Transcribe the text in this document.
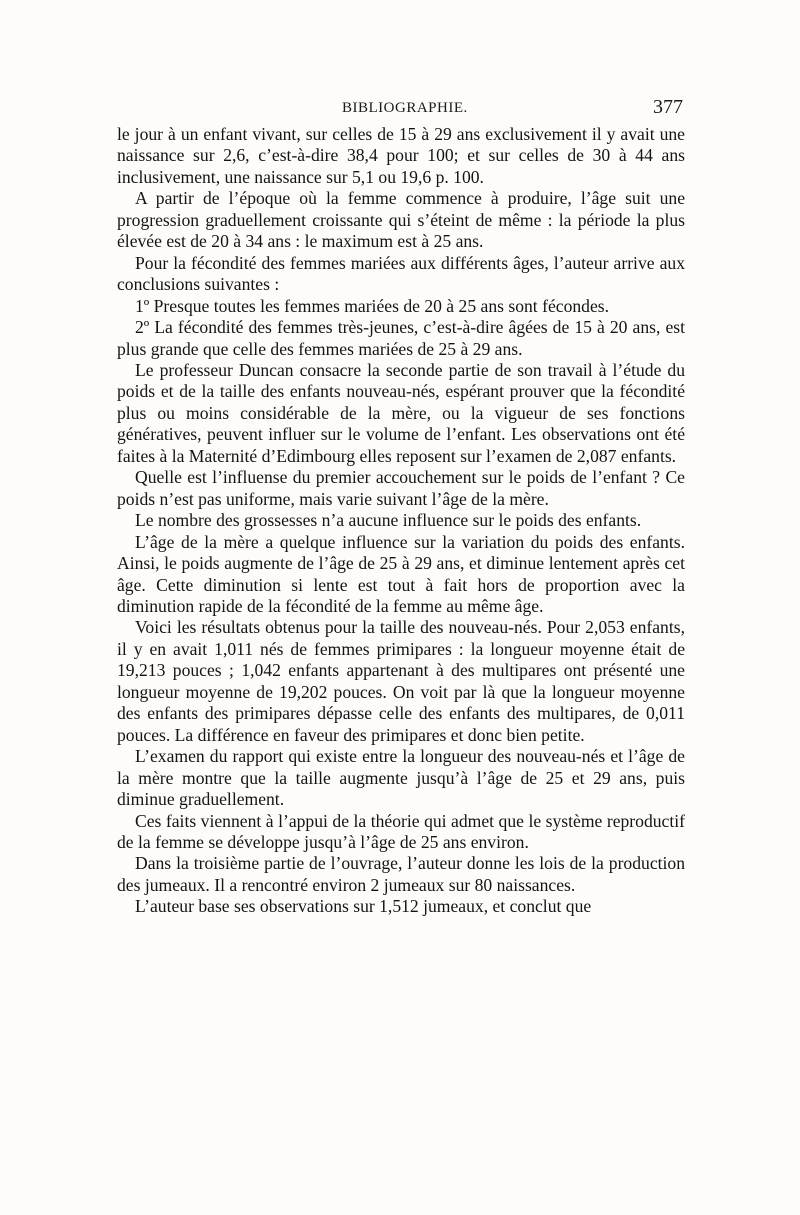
BIBLIOGRAPHIE.	377

le jour à un enfant vivant, sur celles de 15 à 29 ans exclusivement il y avait une naissance sur 2,6, c’est-à-dire 38,4 pour 100; et sur celles de 30 à 44 ans inclusivement, une naissance sur 5,1 ou 19,6 p. 100.

A partir de l’époque où la femme commence à produire, l’âge suit une progression graduellement croissante qui s’éteint de même : la période la plus élevée est de 20 à 34 ans : le maximum est à 25 ans.

Pour la fécondité des femmes mariées aux différents âges, l’auteur arrive aux conclusions suivantes :

1º Presque toutes les femmes mariées de 20 à 25 ans sont fécondes.

2º La fécondité des femmes très-jeunes, c’est-à-dire âgées de 15 à 20 ans, est plus grande que celle des femmes mariées de 25 à 29 ans.

Le professeur Duncan consacre la seconde partie de son travail à l’étude du poids et de la taille des enfants nouveau-nés, espérant prouver que la fécondité plus ou moins considérable de la mère, ou la vigueur de ses fonctions génératives, peuvent influer sur le volume de l’enfant. Les observations ont été faites à la Maternité d’Edimbourg elles reposent sur l’examen de 2,087 enfants.

Quelle est l’influense du premier accouchement sur le poids de l’enfant ? Ce poids n’est pas uniforme, mais varie suivant l’âge de la mère.

Le nombre des grossesses n’a aucune influence sur le poids des enfants.

L’âge de la mère a quelque influence sur la variation du poids des enfants. Ainsi, le poids augmente de l’âge de 25 à 29 ans, et diminue lentement après cet âge. Cette diminution si lente est tout à fait hors de proportion avec la diminution rapide de la fécondité de la femme au même âge.

Voici les résultats obtenus pour la taille des nouveau-nés. Pour 2,053 enfants, il y en avait 1,011 nés de femmes primipares : la longueur moyenne était de 19,213 pouces ; 1,042 enfants appartenant à des multipares ont présenté une longueur moyenne de 19,202 pouces. On voit par là que la longueur moyenne des enfants des primipares dépasse celle des enfants des multipares, de 0,011 pouces. La différence en faveur des primipares et donc bien petite.

L’examen du rapport qui existe entre la longueur des nouveau-nés et l’âge de la mère montre que la taille augmente jusqu’à l’âge de 25 et 29 ans, puis diminue graduellement.

Ces faits viennent à l’appui de la théorie qui admet que le système reproductif de la femme se développe jusqu’à l’âge de 25 ans environ.

Dans la troisième partie de l’ouvrage, l’auteur donne les lois de la production des jumeaux. Il a rencontré environ 2 jumeaux sur 80 naissances.

L’auteur base ses observations sur 1,512 jumeaux, et conclut que
